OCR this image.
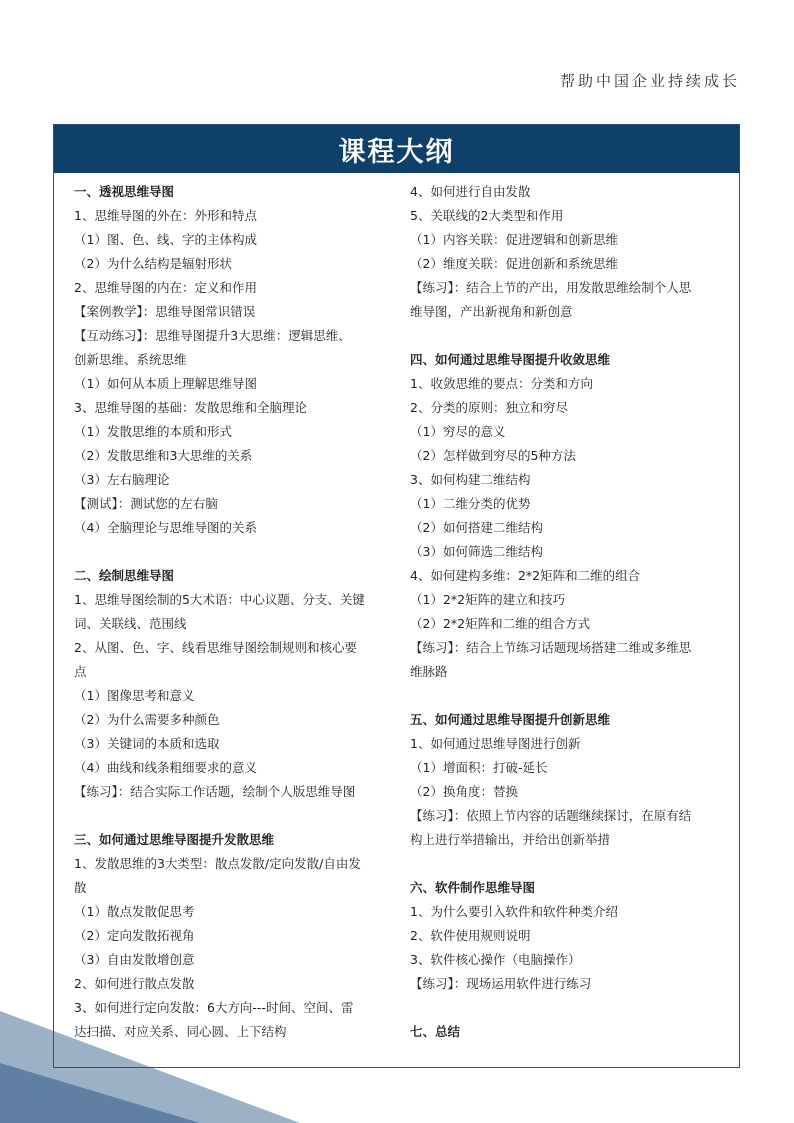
帮助中国企业持续成长
课程大纲
一、透视思维导图
1、思维导图的外在：外形和特点
（1）图、色、线、字的主体构成
（2）为什么结构是辐射形状
2、思维导图的内在：定义和作用
【案例教学】：思维导图常识错误
【互动练习】：思维导图提升3大思维：逻辑思维、
创新思维、系统思维
（1）如何从本质上理解思维导图
3、思维导图的基础：发散思维和全脑理论
（1）发散思维的本质和形式
（2）发散思维和3大思维的关系
（3）左右脑理论
【测试】：测试您的左右脑
（4）全脑理论与思维导图的关系
二、绘制思维导图
1、思维导图绘制的5大术语：中心议题、分支、关键
词、关联线、范围线
2、从图、色、字、线看思维导图绘制规则和核心要
点
（1）图像思考和意义
（2）为什么需要多种颜色
（3）关键词的本质和选取
（4）曲线和线条粗细要求的意义
【练习】：结合实际工作话题，绘制个人版思维导图
三、如何通过思维导图提升发散思维
1、发散思维的3大类型：散点发散/定向发散/自由发
散
（1）散点发散促思考
（2）定向发散拓视角
（3）自由发散增创意
2、如何进行散点发散
3、如何进行定向发散：6大方向---时间、空间、雷
达扫描、对应关系、同心圆、上下结构
4、如何进行自由发散
5、关联线的2大类型和作用
（1）内容关联：促进逻辑和创新思维
（2）维度关联：促进创新和系统思维
【练习】：结合上节的产出，用发散思维绘制个人思
维导图，产出新视角和新创意
四、如何通过思维导图提升收敛思维
1、收敛思维的要点：分类和方向
2、分类的原则：独立和穷尽
（1）穷尽的意义
（2）怎样做到穷尽的5种方法
3、如何构建二维结构
（1）二维分类的优势
（2）如何搭建二维结构
（3）如何筛选二维结构
4、如何建构多维：2*2矩阵和二维的组合
（1）2*2矩阵的建立和技巧
（2）2*2矩阵和二维的组合方式
【练习】：结合上节练习话题现场搭建二维或多维思
维脉路
五、如何通过思维导图提升创新思维
1、如何通过思维导图进行创新
（1）增面积：打破-延长
（2）换角度：替换
【练习】：依照上节内容的话题继续探讨，在原有结
构上进行举措输出，并给出创新举措
六、软件制作思维导图
1、为什么要引入软件和软件种类介绍
2、软件使用规则说明
3、软件核心操作（电脑操作）
【练习】：现场运用软件进行练习
七、总结
